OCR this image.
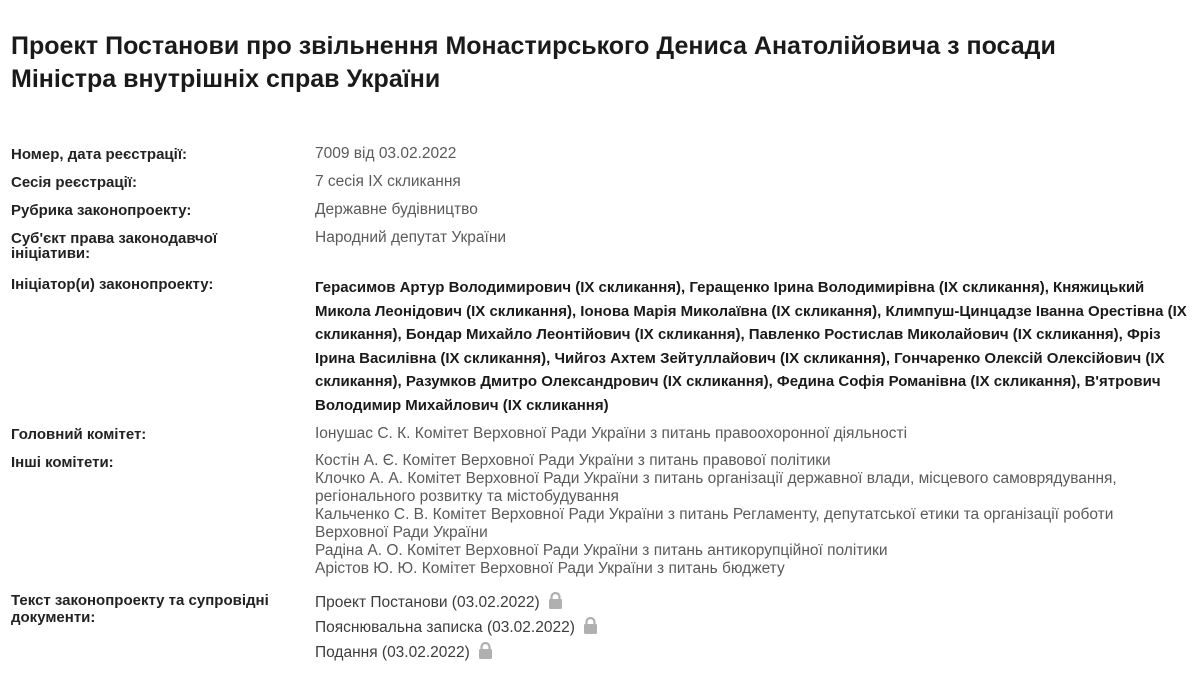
Проект Постанови про звільнення Монастирського Дениса Анатолійовича з посади Міністра внутрішніх справ України
Номер, дата реєстрації:	7009 від 03.02.2022
Сесія реєстрації:	7 сесія IX скликання
Рубрика законопроекту:	Державне будівництво
Суб'єкт права законодавчої ініціативи:
Народний депутат України
Ініціатор(и) законопроекту:	Герасимов Артур Володимирович (IX скликання), Геращенко Ірина Володимирівна (IX скликання), Княжицький Микола Леонідович (IX скликання), Іонова Марія Миколаївна (IX скликання), Климпуш-Цинцадзе Іванна Орестівна (IX скликання), Бондар Михайло Леонтійович (IX скликання), Павленко Ростислав Миколайович (IX скликання), Фріз Ірина Василівна (IX скликання), Чийгоз Ахтем Зейтуллайович (IX скликання), Гончаренко Олексій Олексійович (IX скликання), Разумков Дмитро Олександрович (IX скликання), Федина Софія Романівна (IX скликання), В'ятрович Володимир Михайлович (IX скликання)
Головний комітет:	Іонушас С. К. Комітет Верховної Ради України з питань правоохоронної діяльності
Інші комітети:	Костін А. Є. Комітет Верховної Ради України з питань правової політики
Клочко А. А. Комітет Верховної Ради України з питань організації державної влади, місцевого самоврядування, регіонального розвитку та містобудування
Кальченко С. В. Комітет Верховної Ради України з питань Регламенту, депутатської етики та організації роботи Верховної Ради України
Радіна А. О. Комітет Верховної Ради України з питань антикорупційної політики
Арістов Ю. Ю. Комітет Верховної Ради України з питань бюджету
Текст законопроекту та супровідні документи:
Проект Постанови (03.02.2022)
Пояснювальна записка (03.02.2022)
Подання (03.02.2022)
